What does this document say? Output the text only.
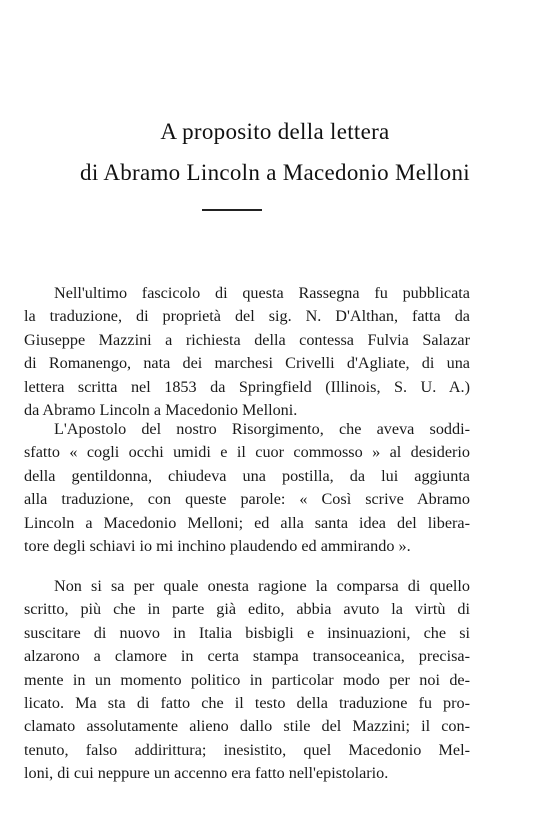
A proposito della lettera
di Abramo Lincoln a Macedonio Melloni

Nell'ultimo fascicolo di questa Rassegna fu pubblicata
la traduzione, di proprietà del sig. N. D'Althan, fatta da
Giuseppe Mazzini a richiesta della contessa Fulvia Salazar
di Romanengo, nata dei marchesi Crivelli d'Agliate, di una
lettera scritta nel 1853 da Springfield (Illinois, S. U. A.)
da Abramo Lincoln a Macedonio Melloni.

L'Apostolo del nostro Risorgimento, che aveva soddi-
sfatto « cogli occhi umidi e il cuor commosso » al desiderio
della gentildonna, chiudeva una postilla, da lui aggiunta
alla traduzione, con queste parole: « Così scrive Abramo
Lincoln a Macedonio Melloni; ed alla santa idea del libera-
tore degli schiavi io mi inchino plaudendo ed ammirando ».

Non si sa per quale onesta ragione la comparsa di quello
scritto, più che in parte già edito, abbia avuto la virtù di
suscitare di nuovo in Italia bisbigli e insinuazioni, che si
alzarono a clamore in certa stampa transoceanica, precisa-
mente in un momento politico in particolar modo per noi de-
licato. Ma sta di fatto che il testo della traduzione fu pro-
clamato assolutamente alieno dallo stile del Mazzini; il con-
tenuto, falso addirittura; inesistito, quel Macedonio Mel-
loni, di cui neppure un accenno era fatto nell'epistolario.
